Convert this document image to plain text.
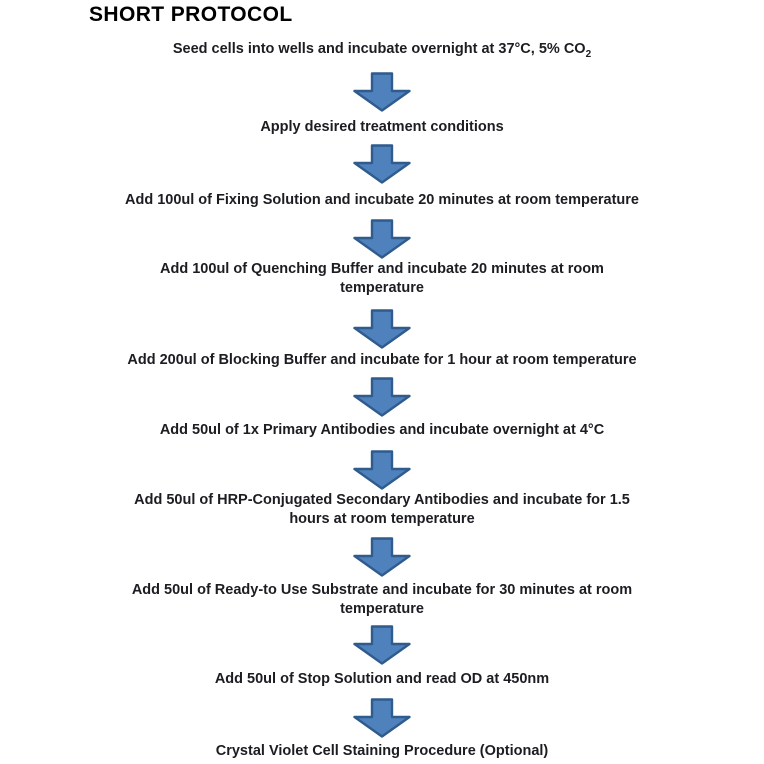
SHORT PROTOCOL
Seed cells into wells and incubate overnight at 37°C, 5% $CO_2$
Apply desired treatment conditions
Add 100ul of Fixing Solution and incubate 20 minutes at room temperature
Add 100ul of Quenching Buffer and incubate 20 minutes at room
temperature
Add 200ul of Blocking Buffer and incubate for 1 hour at room temperature
Add 50ul of 1x Primary Antibodies and incubate overnight at 4°C
Add 50ul of HRP-Conjugated Secondary Antibodies and incubate for 1.5
hours at room temperature
Add 50ul of Ready-to Use Substrate and incubate for 30 minutes at room
temperature
Add 50ul of Stop Solution and read OD at 450nm
Crystal Violet Cell Staining Procedure (Optional)
